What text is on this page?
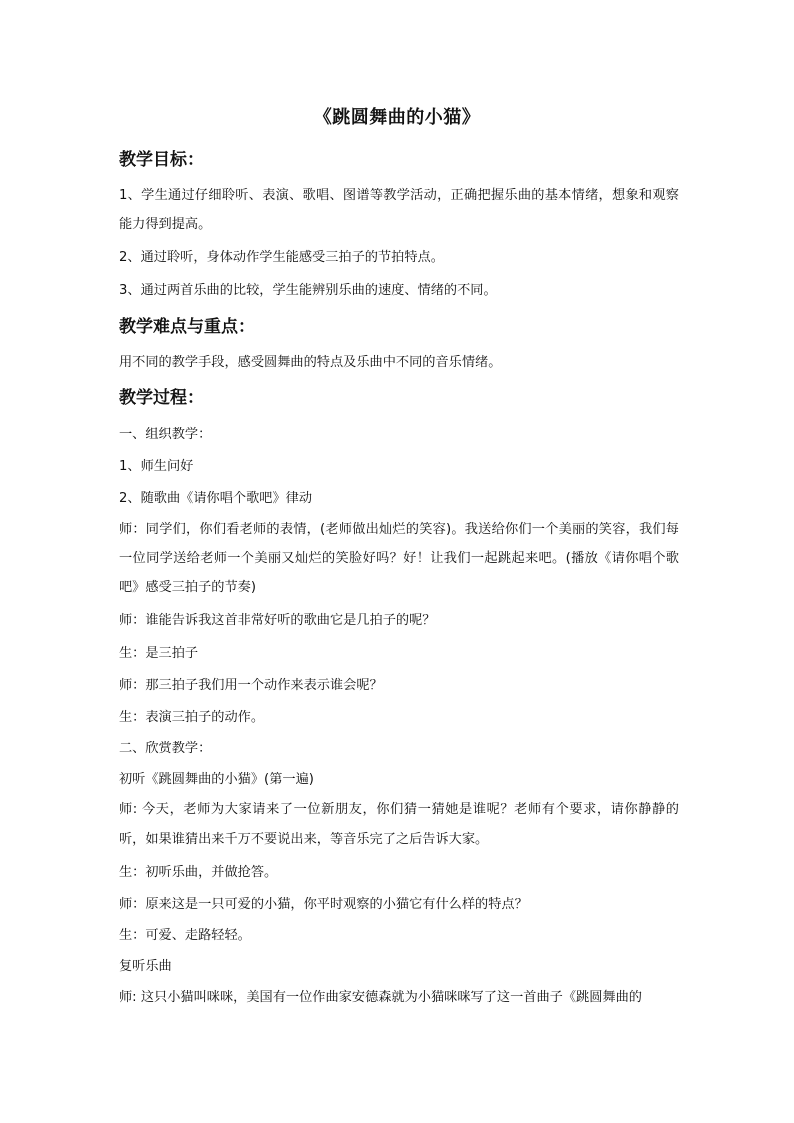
《跳圆舞曲的小猫》
教学目标：
1、学生通过仔细聆听、表演、歌唱、图谱等教学活动，正确把握乐曲的基本情绪，想象和观察能力得到提高。
2、通过聆听，身体动作学生能感受三拍子的节拍特点。
3、通过两首乐曲的比较，学生能辨别乐曲的速度、情绪的不同。
教学难点与重点：
用不同的教学手段，感受圆舞曲的特点及乐曲中不同的音乐情绪。
教学过程：
一、组织教学：
1、师生问好
2、随歌曲《请你唱个歌吧》律动
师：同学们，你们看老师的表情，(老师做出灿烂的笑容)。我送给你们一个美丽的笑容，我们每一位同学送给老师一个美丽又灿烂的笑脸好吗？好！让我们一起跳起来吧。(播放《请你唱个歌吧》感受三拍子的节奏)
师：谁能告诉我这首非常好听的歌曲它是几拍子的呢？
生：是三拍子
师：那三拍子我们用一个动作来表示谁会呢？
生：表演三拍子的动作。
二、欣赏教学：
初听《跳圆舞曲的小猫》(第一遍)
师: 今天，老师为大家请来了一位新朋友，你们猜一猜她是谁呢？老师有个要求，请你静静的听，如果谁猜出来千万不要说出来，等音乐完了之后告诉大家。
生：初听乐曲，并做抢答。
师：原来这是一只可爱的小猫，你平时观察的小猫它有什么样的特点？
生：可爱、走路轻轻。
复听乐曲
师: 这只小猫叫咪咪，美国有一位作曲家安德森就为小猫咪咪写了这一首曲子《跳圆舞曲的
